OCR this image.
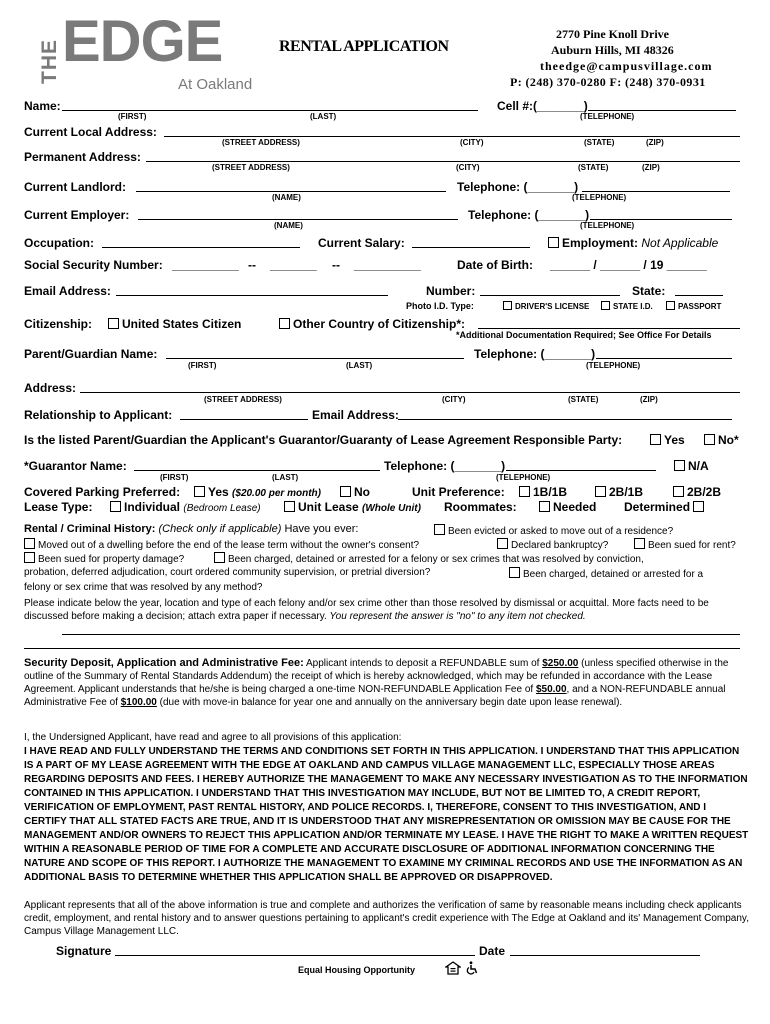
THE EDGE
At Oakland
RENTAL APPLICATION
2770 Pine Knoll Drive
Auburn Hills, MI 48326
theedge@campusvillage.com
P: (248) 370-0280 F: (248) 370-0931
Name:
(FIRST)	(LAST)
Cell #:(_______)
(TELEPHONE)
Current Local Address:
(STREET ADDRESS)	(CITY)	(STATE)	(ZIP)
Permanent Address:
(STREET ADDRESS)	(CITY)	(STATE)	(ZIP)
Current Landlord:
(NAME)
Telephone: (_______)
(TELEPHONE)
Current Employer:
(NAME)
Telephone: (_______)
(TELEPHONE)
Occupation:	Current Salary:	Employment: Not Applicable
Social Security Number: __________ -- _______ -- __________	Date of Birth: ______ / ______ / 19 ______
Email Address:	Number:	State:
Photo I.D. Type:	DRIVER'S LICENSE	STATE I.D.	PASSPORT
Citizenship:	United States Citizen	Other Country of Citizenship*:
*Additional Documentation Required; See Office For Details
Parent/Guardian Name:
(FIRST)	(LAST)
Telephone: (_______)
(TELEPHONE)
Address:
(STREET ADDRESS)	(CITY)	(STATE)	(ZIP)
Relationship to Applicant:	Email Address:
Is the listed Parent/Guardian the Applicant's Guarantor/Guaranty of Lease Agreement Responsible Party:	Yes	No*
*Guarantor Name:
(FIRST)	(LAST)
Telephone: (_______)
(TELEPHONE)
N/A
Covered Parking Preferred:	Yes ($20.00 per month)	No	Unit Preference:	1B/1B	2B/1B	2B/2B
Lease Type:	Individual (Bedroom Lease)	Unit Lease (Whole Unit) Roommates:	Needed Determined
Rental / Criminal History: (Check only if applicable) Have you ever:	Been evicted or asked to move out of a residence?
Moved out of a dwelling before the end of the lease term without the owner's consent?	Declared bankruptcy?	Been sued for rent?
Been sued for property damage?	Been charged, detained or arrested for a felony or sex crimes that was resolved by conviction,
probation, deferred adjudication, court ordered community supervision, or pretrial diversion?	Been charged, detained or arrested for a
felony or sex crime that was resolved by any method?
Please indicate below the year, location and type of each felony and/or sex crime other than those resolved by dismissal or acquittal. More facts need to be discussed before making a decision; attach extra paper if necessary. You represent the answer is "no" to any item not checked.
Security Deposit, Application and Administrative Fee: Applicant intends to deposit a REFUNDABLE sum of $250.00 (unless specified otherwise in the outline of the Summary of Rental Standards Addendum) the receipt of which is hereby acknowledged, which may be refunded in accordance with the Lease Agreement. Applicant understands that he/she is being charged a one-time NON-REFUNDABLE Application Fee of $50.00, and a NON-REFUNDABLE annual Administrative Fee of $100.00 (due with move-in balance for year one and annually on the anniversary begin date upon lease renewal).
I, the Undersigned Applicant, have read and agree to all provisions of this application:
I HAVE READ AND FULLY UNDERSTAND THE TERMS AND CONDITIONS SET FORTH IN THIS APPLICATION. I UNDERSTAND THAT THIS APPLICATION IS A PART OF MY LEASE AGREEMENT WITH THE EDGE AT OAKLAND AND CAMPUS VILLAGE MANAGEMENT LLC, ESPECIALLY THOSE AREAS REGARDING DEPOSITS AND FEES. I HEREBY AUTHORIZE THE MANAGEMENT TO MAKE ANY NECESSARY INVESTIGATION AS TO THE INFORMATION CONTAINED IN THIS APPLICATION. I UNDERSTAND THAT THIS INVESTIGATION MAY INCLUDE, BUT NOT BE LIMITED TO, A CREDIT REPORT, VERIFICATION OF EMPLOYMENT, PAST RENTAL HISTORY, AND POLICE RECORDS. I, THEREFORE, CONSENT TO THIS INVESTIGATION, AND I CERTIFY THAT ALL STATED FACTS ARE TRUE, AND IT IS UNDERSTOOD THAT ANY MISREPRESENTATION OR OMISSION MAY BE CAUSE FOR THE MANAGEMENT AND/OR OWNERS TO REJECT THIS APPLICATION AND/OR TERMINATE MY LEASE. I HAVE THE RIGHT TO MAKE A WRITTEN REQUEST WITHIN A REASONABLE PERIOD OF TIME FOR A COMPLETE AND ACCURATE DISCLOSURE OF ADDITIONAL INFORMATION CONCERNING THE NATURE AND SCOPE OF THIS REPORT. I AUTHORIZE THE MANAGEMENT TO EXAMINE MY CRIMINAL RECORDS AND USE THE INFORMATION AS AN ADDITIONAL BASIS TO DETERMINE WHETHER THIS APPLICATION SHALL BE APPROVED OR DISAPPROVED.
Applicant represents that all of the above information is true and complete and authorizes the verification of same by reasonable means including check applicants credit, employment, and rental history and to answer questions pertaining to applicant's credit experience with The Edge at Oakland and its' Management Company, Campus Village Management LLC.
Signature	Date
Equal Housing Opportunity
